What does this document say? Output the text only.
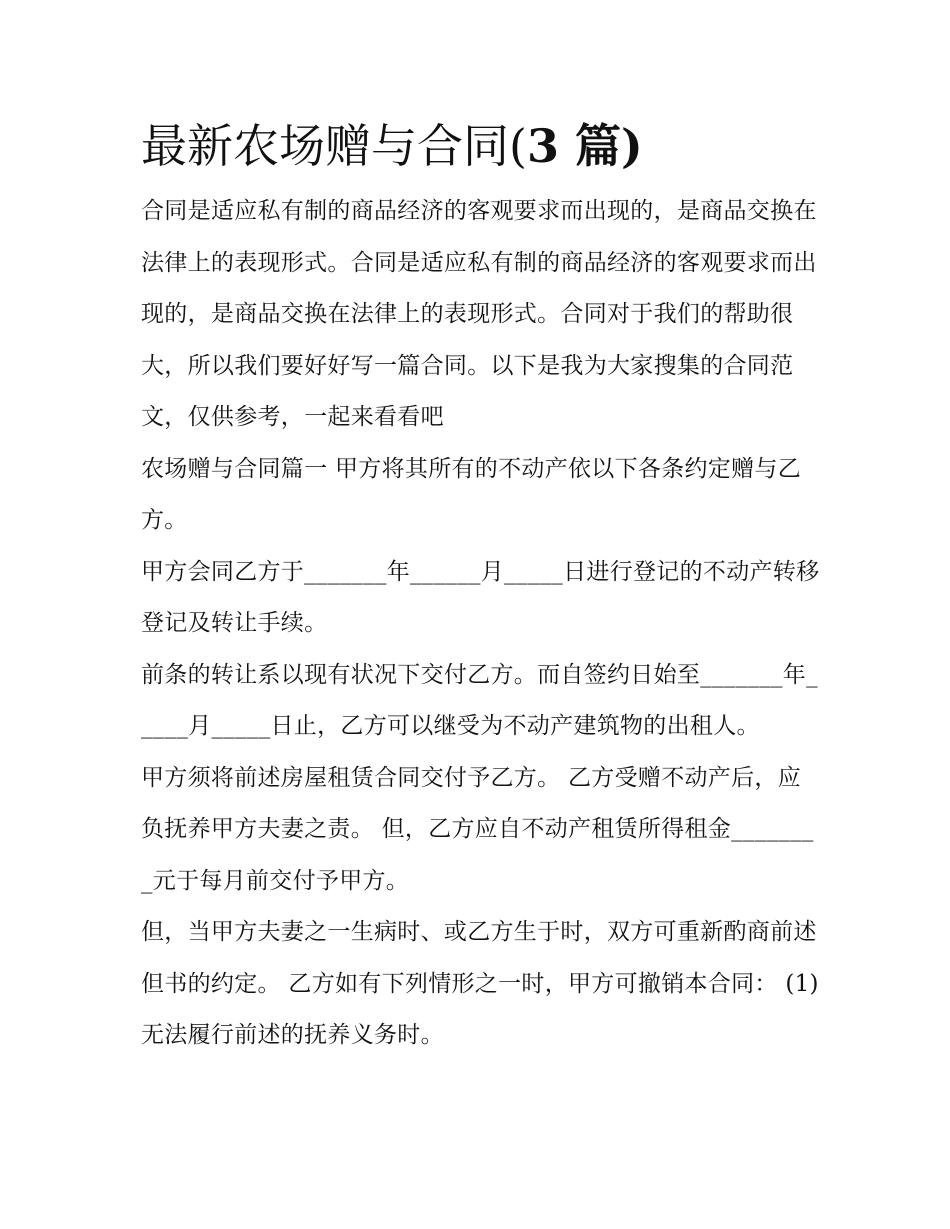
最新农场赠与合同(3 篇)

合同是适应私有制的商品经济的客观要求而出现的，是商品交换在法律上的表现形式。合同是适应私有制的商品经济的客观要求而出现的，是商品交换在法律上的表现形式。合同对于我们的帮助很大，所以我们要好好写一篇合同。以下是我为大家搜集的合同范文，仅供参考，一起来看看吧

农场赠与合同篇一 甲方将其所有的不动产依以下各条约定赠与乙方。

甲方会同乙方于_______年______月_____日进行登记的不动产转移登记及转让手续。

前条的转让系以现有状况下交付乙方。而自签约日始至_______年_____月_____日止，乙方可以继受为不动产建筑物的出租人。

甲方须将前述房屋租赁合同交付予乙方。 乙方受赠不动产后，应负抚养甲方夫妻之责。 但，乙方应自不动产租赁所得租金________元于每月前交付予甲方。

但，当甲方夫妻之一生病时、或乙方生于时，双方可重新酌商前述但书的约定。 乙方如有下列情形之一时，甲方可撤销本合同： (1)无法履行前述的抚养义务时。
